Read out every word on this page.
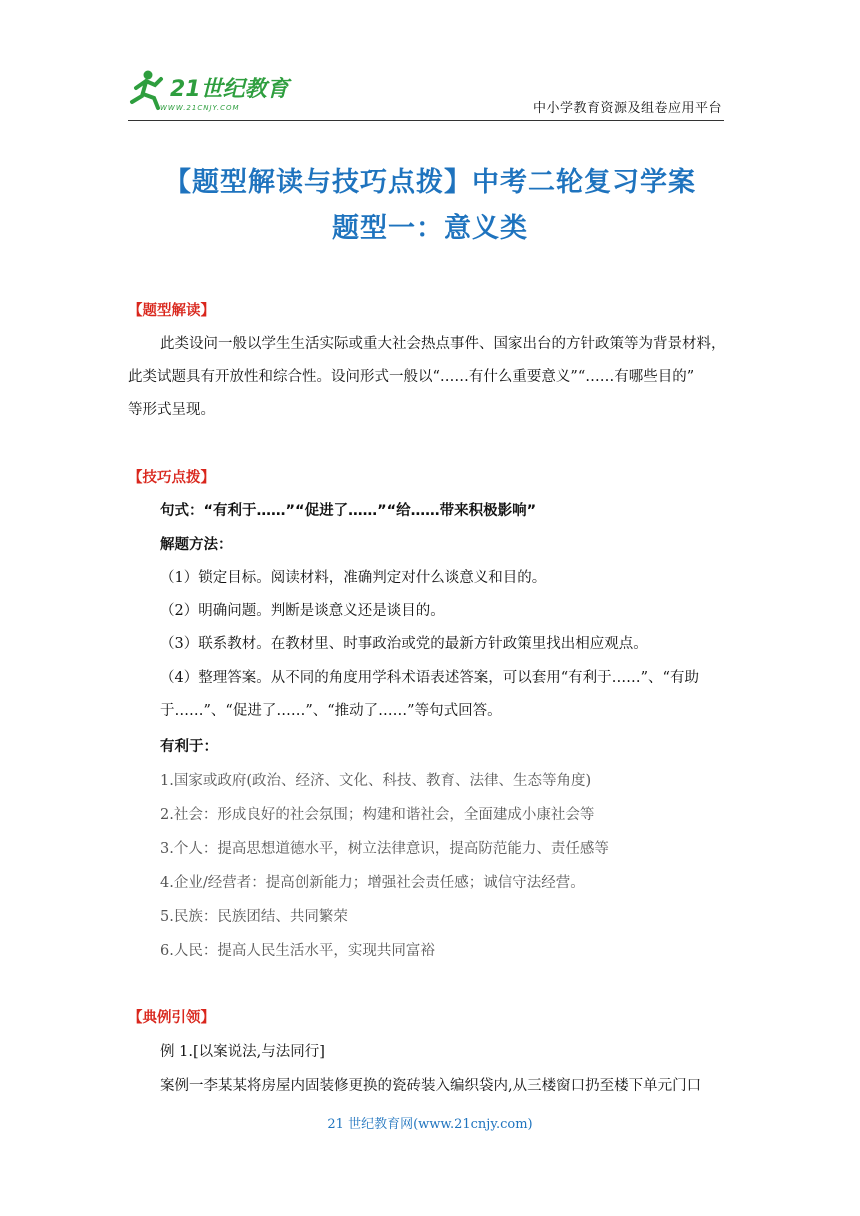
21世纪教育
WWW.21CNJY.COM	中小学教育资源及组卷应用平台
【题型解读与技巧点拨】中考二轮复习学案
题型一：意义类
【题型解读】
此类设问一般以学生生活实际或重大社会热点事件、国家出台的方针政策等为背景材料，
此类试题具有开放性和综合性。设问形式一般以“……有什么重要意义”“……有哪些目的”
等形式呈现。
【技巧点拨】
句式：“有利于……”“促进了……”“给……带来积极影响”
解题方法：
（1）锁定目标。阅读材料，准确判定对什么谈意义和目的。
（2）明确问题。判断是谈意义还是谈目的。
（3）联系教材。在教材里、时事政治或党的最新方针政策里找出相应观点。
（4）整理答案。从不同的角度用学科术语表述答案，可以套用“有利于……”、“有助
于……”、“促进了……”、“推动了……”等句式回答。
有利于：
1.国家或政府(政治、经济、文化、科技、教育、法律、生态等角度)
2.社会：形成良好的社会氛围；构建和谐社会，全面建成小康社会等
3.个人：提高思想道德水平，树立法律意识，提高防范能力、责任感等
4.企业/经营者：提高创新能力；增强社会责任感；诚信守法经营。
5.民族：民族团结、共同繁荣
6.人民：提高人民生活水平，实现共同富裕
【典例引领】
例 1.[以案说法,与法同行]
案例一李某某将房屋内固装修更换的瓷砖装入编织袋内,从三楼窗口扔至楼下单元门口
21 世纪教育网(www.21cnjy.com)
